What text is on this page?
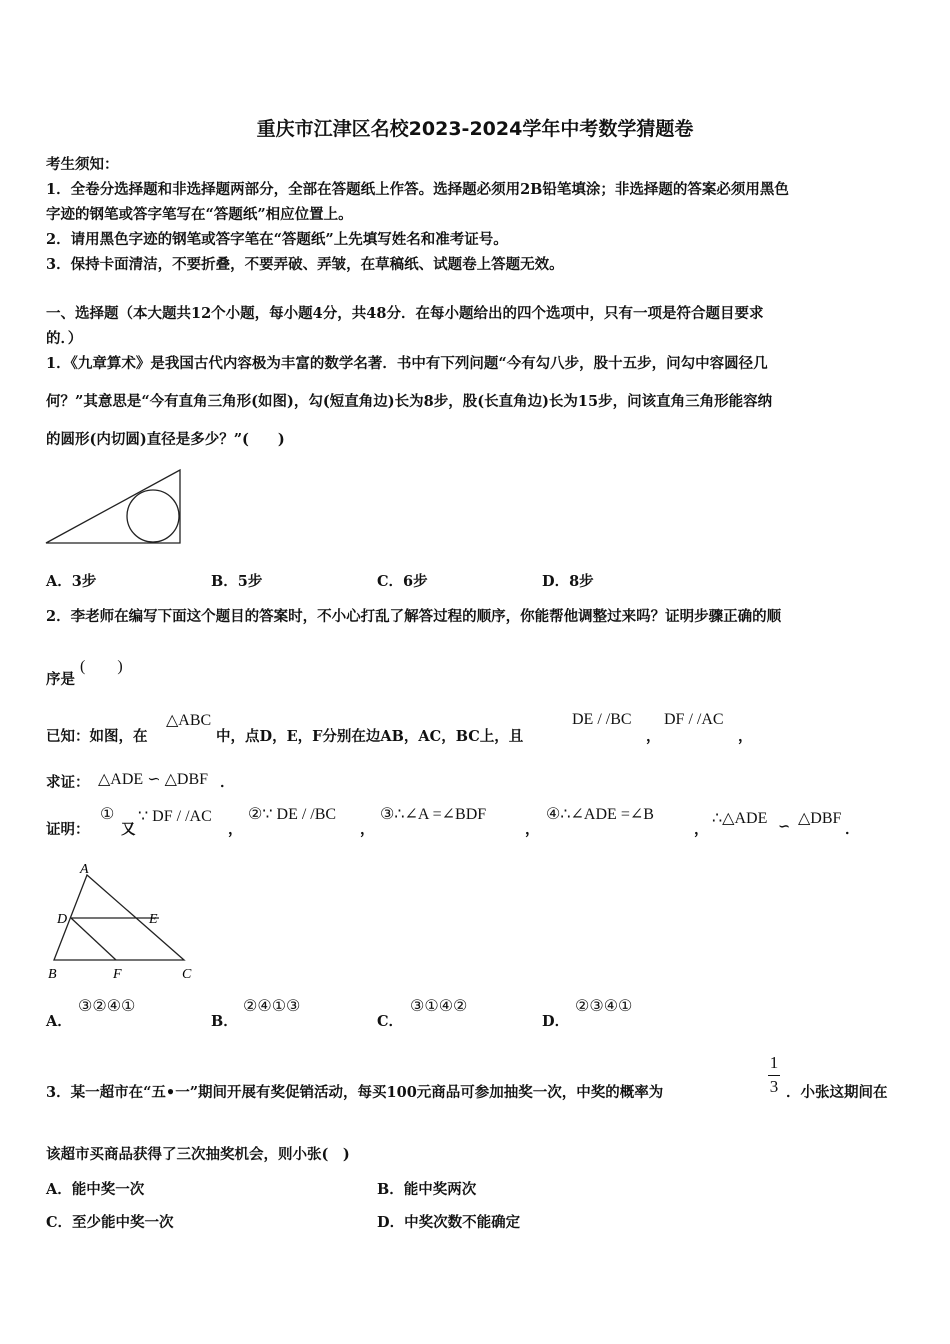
重庆市江津区名校2023-2024学年中考数学猜题卷
考生须知：
1．全卷分选择题和非选择题两部分，全部在答题纸上作答。选择题必须用2B铅笔填涂；非选择题的答案必须用黑色
字迹的钢笔或答字笔写在“答题纸”相应位置上。
2．请用黑色字迹的钢笔或答字笔在“答题纸”上先填写姓名和准考证号。
3．保持卡面清洁，不要折叠，不要弄破、弄皱，在草稿纸、试题卷上答题无效。
一、选择题（本大题共12个小题，每小题4分，共48分．在每小题给出的四个选项中，只有一项是符合题目要求
的．）
1．《九章算术》是我国古代内容极为丰富的数学名著．书中有下列问题“今有勾八步，股十五步，问勾中容圆径几
何？”其意思是“今有直角三角形(如图)，勾(短直角边)长为8步，股(长直角边)长为15步，问该直角三角形能容纳
的圆形(内切圆)直径是多少？”(　　)
A．3步	B．5步	C．6步	D．8步
2．李老师在编写下面这个题目的答案时，不小心打乱了解答过程的顺序，你能帮他调整过来吗？证明步骤正确的顺
序是
(　　)
已知：如图，在
△ABC
中，点D，E，F分别在边AB，AC，BC上，且
DE / /BC
，
DF / /AC
，
求证： △ADE ∽ △DBF ．
证明：
①
又
∵ DF / /AC
，
②∵ DE / /BC
，
③∴∠A =∠BDF
，
④∴∠ADE =∠B
，
∴△ADE ∽ △DBF
．
A
D	E
B	F	C
A．
③②④①
B．
②④①③
C．
③①④②
D．
②③④①
3．某一超市在“五•一”期间开展有奖促销活动，每买100元商品可参加抽奖一次，中奖的概率为
1
3 ．小张这期间在
该超市买商品获得了三次抽奖机会，则小张(　)
A．能中奖一次	B．能中奖两次
C．至少能中奖一次	D．中奖次数不能确定
